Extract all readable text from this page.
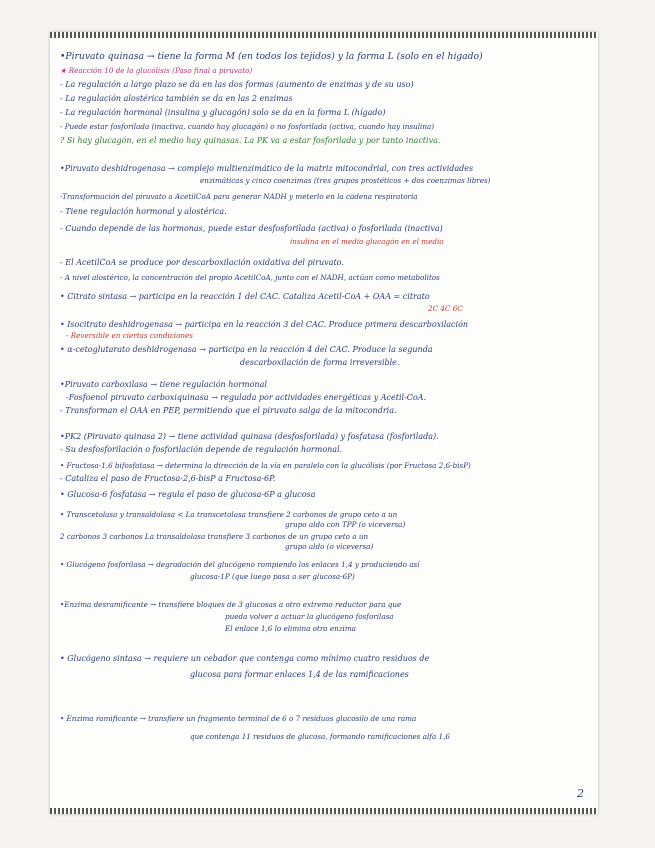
•Piruvato quinasa → tiene la forma M (en todos los tejidos) y la forma L (solo en el hígado)
★ Reacción 10 de la glucólisis (Paso final a piruvato)
- La regulación a largo plazo se da en las dos formas (aumento de enzimas y de su uso)
- La regulación alostérica también se da en las 2 enzimas
- La regulación hormonal (insulina y glucagón) solo se da en la forma L (hígado)
- Puede estar fosforilada (inactiva, cuando hay glucagón) o no fosforilada (activa, cuando hay insulina)
? Si hay glucagón, en el medio hay quinasas. La PK va a estar fosforilada y por tanto inactiva.
•Piruvato deshidrogenasa → complejo multienzimático de la matriz mitocondrial, con tres actividades
enzimáticas y cinco coenzimas (tres grupos prostéticos + dos coenzimas libres)
-Transformación del piruvato a AcetilCoA para generar NADH y meterlo en la cadena respiratoria
- Tiene regulación hormonal y alostérica.
- Cuando depende de las hormonas, puede estar desfosforilada (activa) o fosforilada (inactiva)
insulina en el medio glucagón en el medio
- El AcetilCoA se produce por descarboxilación oxidativa del piruvato.
- A nivel alostérico, la concentración del propio AcetilCoA, junto con el NADH, actúan como metabolitos
• Citrato sintasa → participa en la reacción 1 del CAC. Cataliza Acetil-CoA + OAA = citrato
2C 4C 6C
• Isocitrato deshidrogenasa → participa en la reacción 3 del CAC. Produce primera descarboxilación
- Reversible en ciertas condiciones
• α-cetoglutarato deshidrogenasa → participa en la reacción 4 del CAC. Produce la segunda
descarboxilación de forma irreversible.
•Piruvato carboxilasa → tiene regulación hormonal
-Fosfoenol piruvato carboxiquinasa → regulada por actividades energéticas y Acetil-CoA.
- Transforman el OAA en PEP, permitiendo que el piruvato salga de la mitocondria.
•PK2 (Piruvato quinasa 2) → tiene actividad quinasa (desfosforilada) y fosfatasa (fosforilada).
- Su desfosforilación o fosforilación depende de regulación hormonal.
• Fructosa-1,6 bifosfatasa → determina la dirección de la vía en paralelo con la glucólisis (por Fructosa 2,6-bisP)
- Cataliza el paso de Fructosa-2,6-bisP a Fructosa-6P.
• Glucosa-6 fosfatasa → regula el paso de glucosa-6P a glucosa
• Transcetolasa y transaldolasa < La transcetolasa transfiere 2 carbonos de grupo ceto a un
grupo aldo con TPP (o viceversa)
2 carbonos 3 carbonos La transaldolasa transfiere 3 carbonos de un grupo ceto a un
grupo aldo (o viceversa)
• Glucógeno fosforilasa → degradación del glucógeno rompiendo los enlaces 1,4 y produciendo así
glucosa-1P (que luego pasa a ser glucosa-6P)
•Enzima desramificante → transfiere bloques de 3 glucosas a otro extremo reductor para que
pueda volver a actuar la glucógeno fosforilasa
El enlace 1,6 lo elimina otra enzima
• Glucógeno sintasa → requiere un cebador que contenga como mínimo cuatro residuos de
glucosa para formar enlaces 1,4 de las ramificaciones
• Enzima ramificante → transfiere un fragmento terminal de 6 o 7 residuos glucosilo de una rama
que contenga 11 residuos de glucosa, formando ramificaciones alfa 1,6
2
